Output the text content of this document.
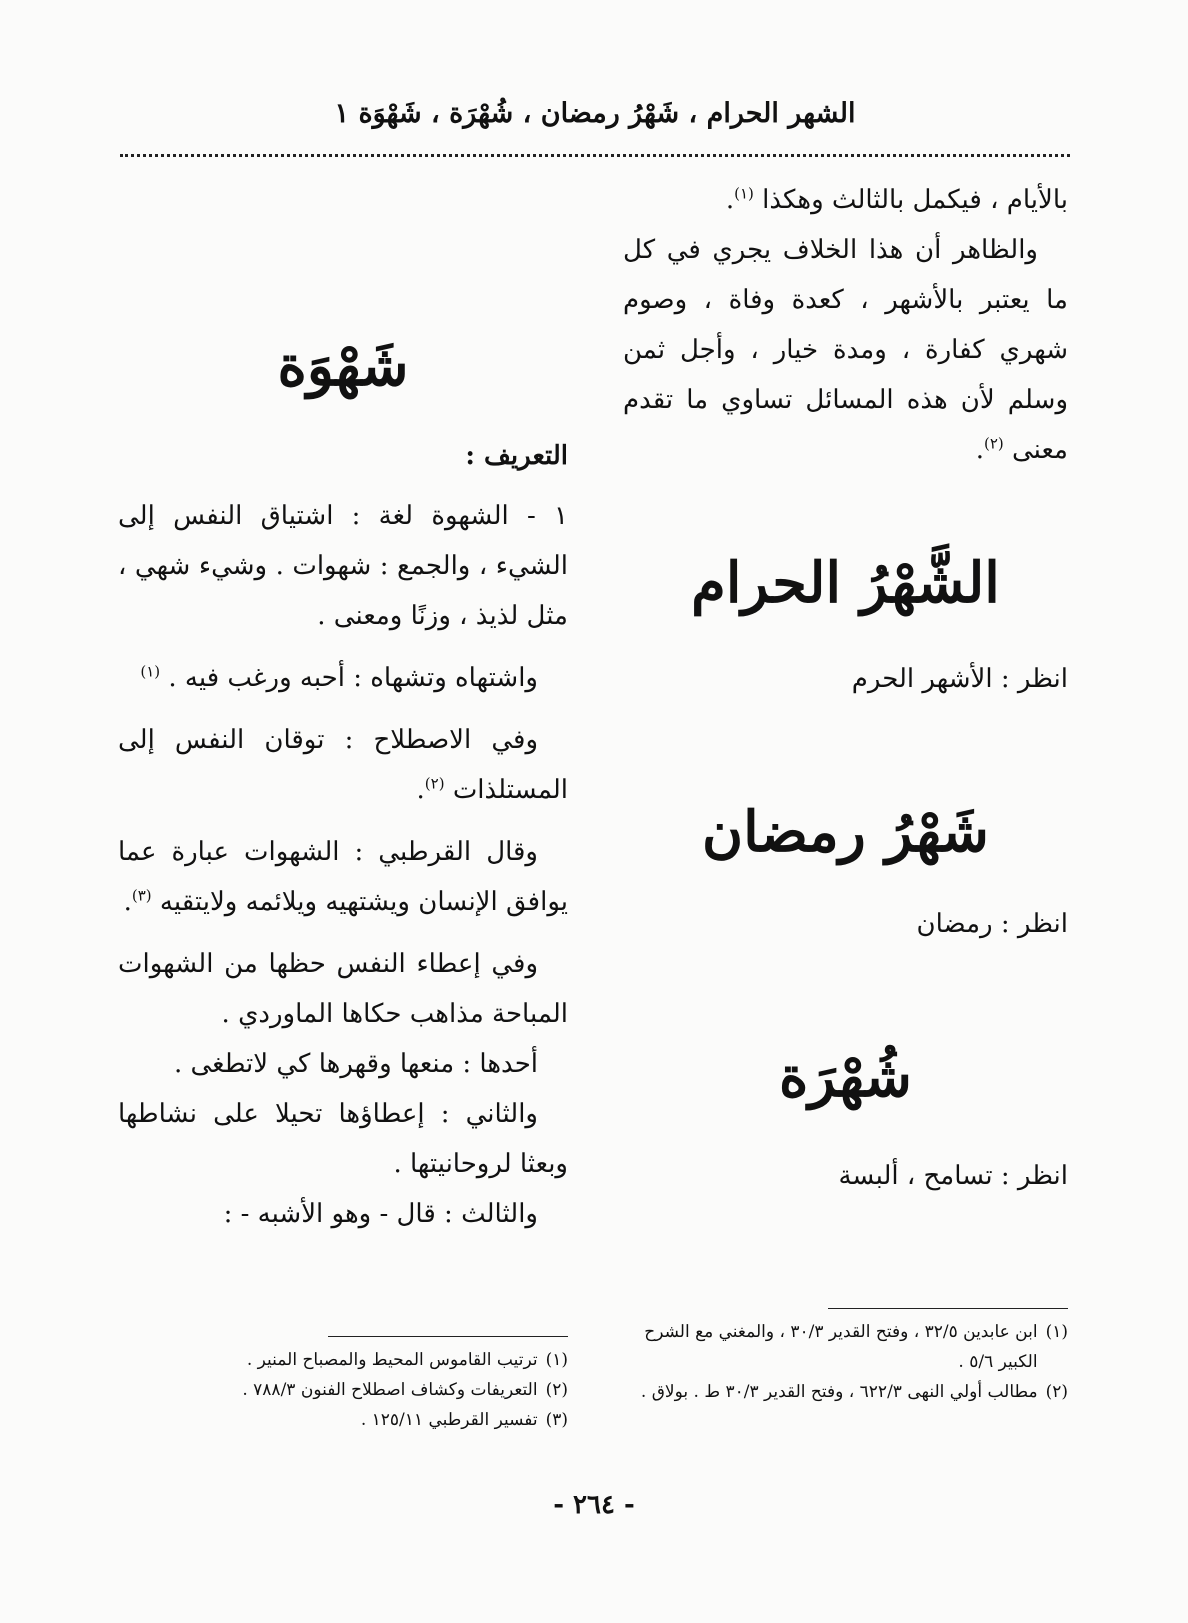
الشهر الحرام ، شَهْرُ رمضان ، شُهْرَة ، شَهْوَة ١

بالأيام ، فيكمل بالثالث وهكذا $^{(١)}$.

والظاهر أن هذا الخلاف يجري في كل ما يعتبر بالأشهر ، كعدة وفاة ، وصوم شهري كفارة ، ومدة خيار ، وأجل ثمن وسلم لأن هذه المسائل تساوي ما تقدم معنى $^{(٢)}$.

الشَّهْرُ الحرام

انظر : الأشهر الحرم

شَهْرُ رمضان

انظر : رمضان

شُهْرَة

انظر : تسامح ، ألبسة

(١)
ابن عابدين ٣٢/٥ ، وفتح القدير ٣٠/٣ ، والمغني مع الشرح الكبير ٥/٦ .
(٢)
مطالب أولي النهى ٦٢٢/٣ ، وفتح القدير ٣٠/٣ ط . بولاق .
شَهْوَة

التعريف :

١ - الشهوة لغة : اشتياق النفس إلى الشيء ، والجمع : شهوات . وشيء شهي ، مثل لذيذ ، وزنًا ومعنى .

واشتهاه وتشهاه : أحبه ورغب فيه . $^{(١)}$

وفي الاصطلاح : توقان النفس إلى المستلذات $^{(٢)}$.

وقال القرطبي : الشهوات عبارة عما يوافق الإنسان ويشتهيه ويلائمه ولايتقيه $^{(٣)}$.

وفي إعطاء النفس حظها من الشهوات المباحة مذاهب حكاها الماوردي .

أحدها : منعها وقهرها كي لاتطغى .

والثاني : إعطاؤها تحيلا على نشاطها وبعثا لروحانيتها .

والثالث : قال - وهو الأشبه - :

(١)
ترتيب القاموس المحيط والمصباح المنير .
(٢)
التعريفات وكشاف اصطلاح الفنون ٧٨٨/٣ .
(٣)
تفسير القرطبي ١٢٥/١١ .
- ٢٦٤ -
